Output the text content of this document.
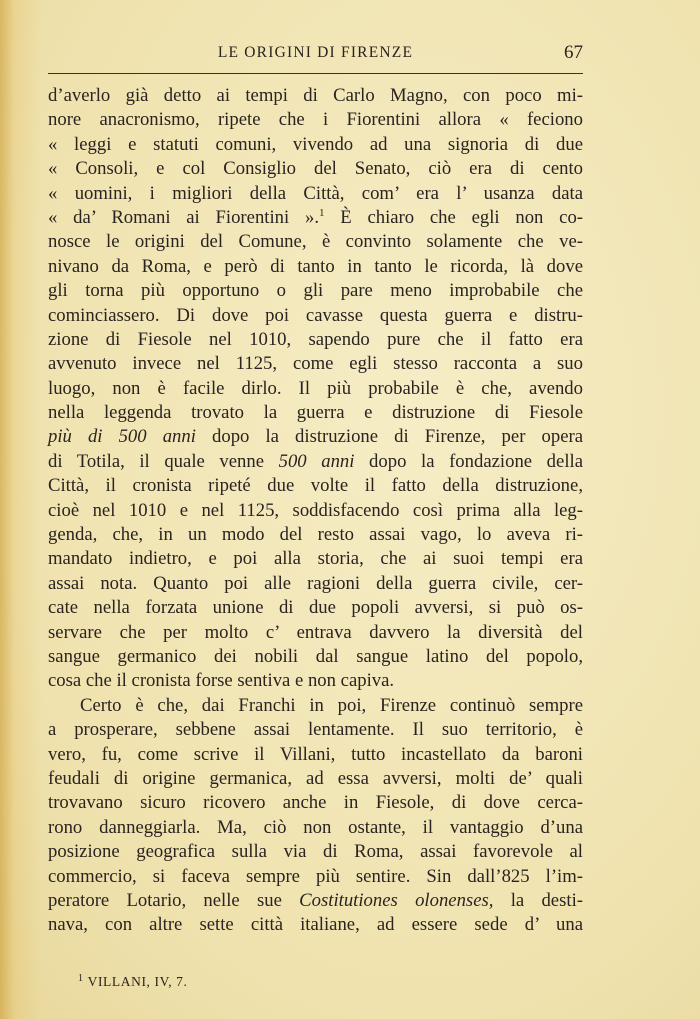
LE ORIGINI DI FIRENZE	67
d’averlo già detto ai tempi di Carlo Magno, con poco mi-
nore anacronismo, ripete che i Fiorentini allora « feciono
« leggi e statuti comuni, vivendo ad una signoria di due
« Consoli, e col Consiglio del Senato, ciò era di cento
« uomini, i migliori della Città, com’ era l’ usanza data
« da’ Romani ai Fiorentini ».$^1$ È chiaro che egli non co-
nosce le origini del Comune, è convinto solamente che ve-
nivano da Roma, e però di tanto in tanto le ricorda, là dove
gli torna più opportuno o gli pare meno improbabile che
cominciassero. Di dove poi cavasse questa guerra e distru-
zione di Fiesole nel 1010, sapendo pure che il fatto era
avvenuto invece nel 1125, come egli stesso racconta a suo
luogo, non è facile dirlo. Il più probabile è che, avendo
nella leggenda trovato la guerra e distruzione di Fiesole
più di 500 anni dopo la distruzione di Firenze, per opera
di Totila, il quale venne 500 anni dopo la fondazione della
Città, il cronista ripeté due volte il fatto della distruzione,
cioè nel 1010 e nel 1125, soddisfacendo così prima alla leg-
genda, che, in un modo del resto assai vago, lo aveva ri-
mandato indietro, e poi alla storia, che ai suoi tempi era
assai nota. Quanto poi alle ragioni della guerra civile, cer-
cate nella forzata unione di due popoli avversi, si può os-
servare che per molto c’ entrava davvero la diversità del
sangue germanico dei nobili dal sangue latino del popolo,
cosa che il cronista forse sentiva e non capiva.
Certo è che, dai Franchi in poi, Firenze continuò sempre
a prosperare, sebbene assai lentamente. Il suo territorio, è
vero, fu, come scrive il Villani, tutto incastellato da baroni
feudali di origine germanica, ad essa avversi, molti de’ quali
trovavano sicuro ricovero anche in Fiesole, di dove cerca-
rono danneggiarla. Ma, ciò non ostante, il vantaggio d’una
posizione geografica sulla via di Roma, assai favorevole al
commercio, si faceva sempre più sentire. Sin dall’825 l’im-
peratore Lotario, nelle sue Costitutiones olonenses, la desti-
nava, con altre sette città italiane, ad essere sede d’ una
$^1$ VILLANI, IV, 7.
